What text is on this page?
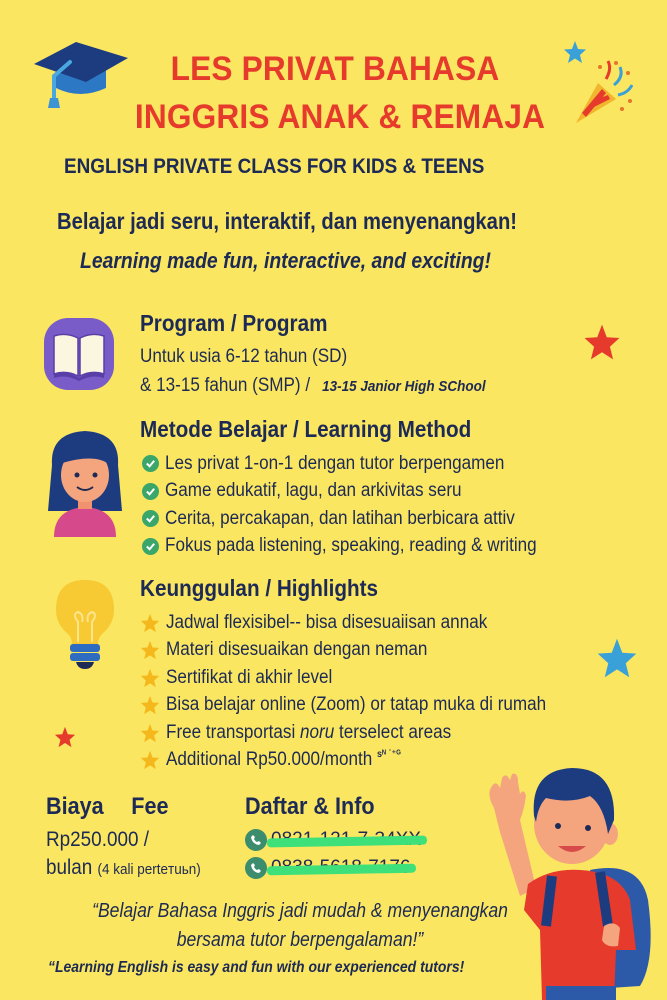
LES PRIVAT BAHASA
INGGRIS ANAK & REMAJA
ENGLISH PRIVATE CLASS FOR KIDS & TEENS
Belajar jadi seru, interaktif, dan menyenangkan!
Learning made fun, interactive, and exciting!
Program / Program
Untuk usia 6-12 tahun (SD)
& 13-15 fahun (SMP) / 13-15 Janior High SChool
Metode Belajar / Learning Method
Les privat 1-on-1 dengan tutor berpengamen
Game edukatif, lagu, dan arkivitas seru
Cerita, percakapan, dan latihan berbicara attiv
Fokus pada listening, speaking, reading & writing
Keunggulan / Highlights
Jadwal flexisibel-- bisa disesuaiisan annak
Materi disesuaikan dengan neman
Sertifikat di akhir level
Bisa belajar online (Zoom) or tatap muka di rumah
Free transportasi noru terselect areas
Additional Rp50.000/month $^{sᴺ ˙^+ᴳ}$
Biaya Fee
Rp250.000 /
bulan (4 kali perteтuьn)
Daftar & Info
“Belajar Bahasa Inggris jadi mudah & menyenangkan
bersama tutor berpengalaman!”
“Learning English is easy and fun with our experienced tutors!
